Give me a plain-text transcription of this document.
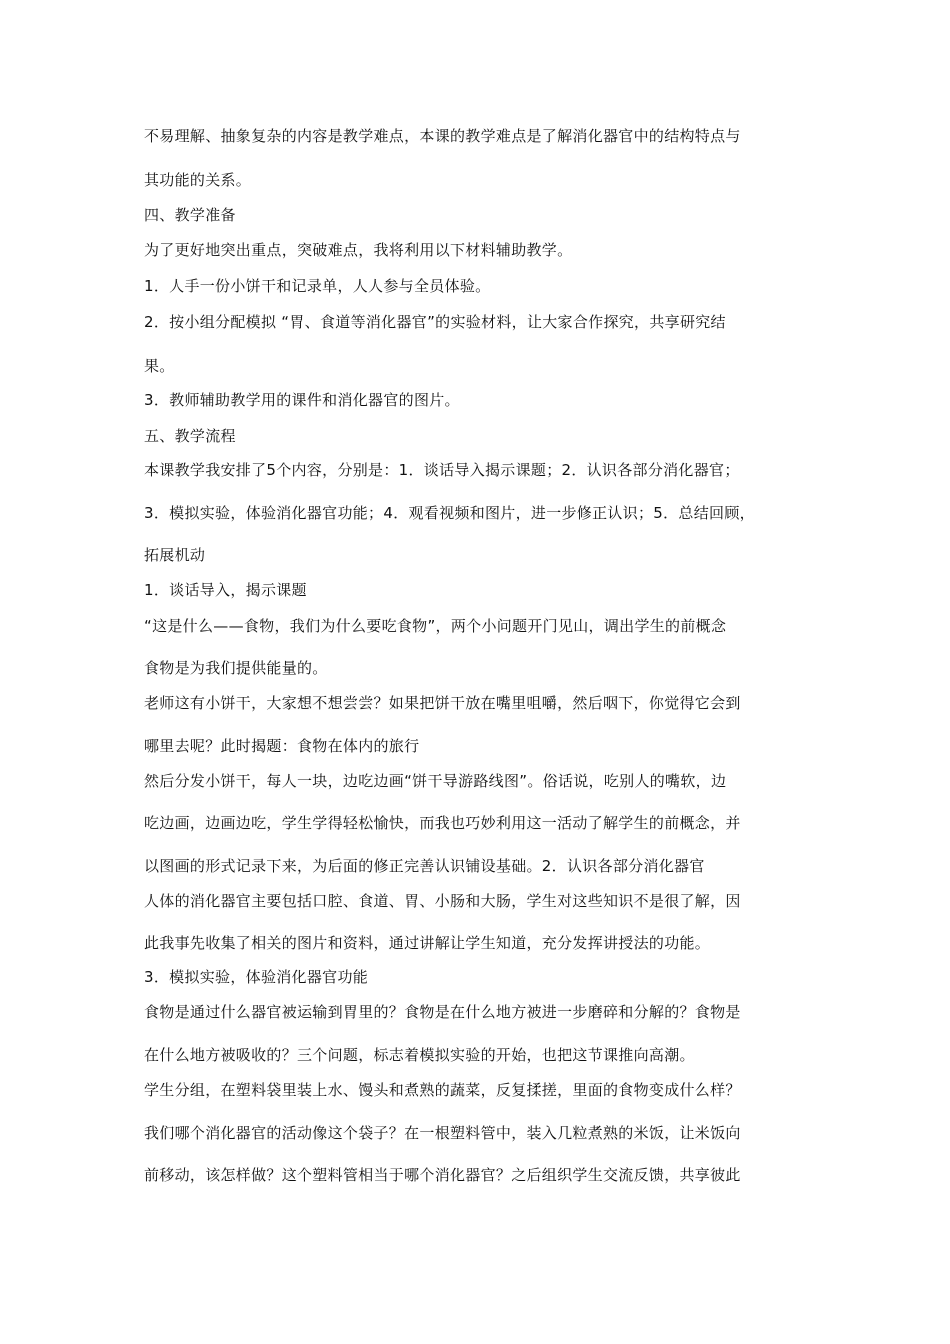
不易理解、抽象复杂的内容是教学难点，本课的教学难点是了解消化器官中的结构特点与
其功能的关系。
四、教学准备
为了更好地突出重点，突破难点，我将利用以下材料辅助教学。
1．人手一份小饼干和记录单，人人参与全员体验。
2．按小组分配模拟 “胃、食道等消化器官”的实验材料，让大家合作探究，共享研究结
果。
3．教师辅助教学用的课件和消化器官的图片。
五、教学流程
本课教学我安排了5个内容，分别是：1．谈话导入揭示课题；2．认识各部分消化器官；
3．模拟实验，体验消化器官功能；4．观看视频和图片，进一步修正认识；5．总结回顾，
拓展机动
1．谈话导入，揭示课题
“这是什么——食物，我们为什么要吃食物”，两个小问题开门见山，调出学生的前概念
食物是为我们提供能量的。
老师这有小饼干，大家想不想尝尝？如果把饼干放在嘴里咀嚼，然后咽下，你觉得它会到
哪里去呢？此时揭题：食物在体内的旅行
然后分发小饼干，每人一块，边吃边画“饼干导游路线图”。俗话说，吃别人的嘴软，边
吃边画，边画边吃，学生学得轻松愉快，而我也巧妙利用这一活动了解学生的前概念，并
以图画的形式记录下来，为后面的修正完善认识铺设基础。2．认识各部分消化器官
人体的消化器官主要包括口腔、食道、胃、小肠和大肠，学生对这些知识不是很了解，因
此我事先收集了相关的图片和资料，通过讲解让学生知道，充分发挥讲授法的功能。
3．模拟实验，体验消化器官功能
食物是通过什么器官被运输到胃里的？食物是在什么地方被进一步磨碎和分解的？食物是
在什么地方被吸收的？三个问题，标志着模拟实验的开始，也把这节课推向高潮。
学生分组，在塑料袋里装上水、馒头和煮熟的蔬菜，反复揉搓，里面的食物变成什么样？
我们哪个消化器官的活动像这个袋子？在一根塑料管中，装入几粒煮熟的米饭，让米饭向
前移动，该怎样做？这个塑料管相当于哪个消化器官？之后组织学生交流反馈，共享彼此
